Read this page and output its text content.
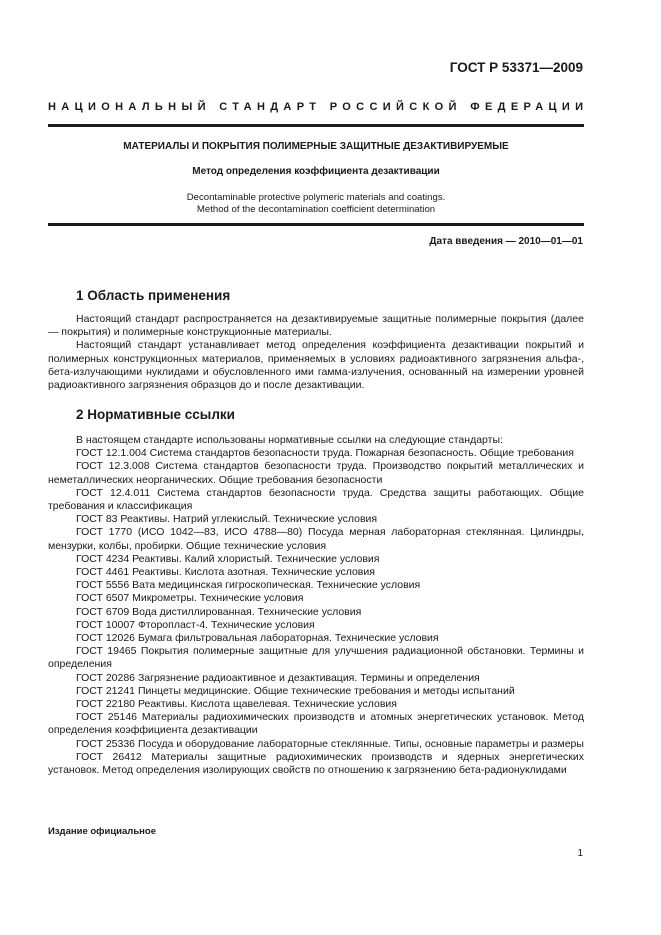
ГОСТ Р 53371—2009
НАЦИОНАЛЬНЫЙ СТАНДАРТ РОССИЙСКОЙ ФЕДЕРАЦИИ
МАТЕРИАЛЫ И ПОКРЫТИЯ ПОЛИМЕРНЫЕ ЗАЩИТНЫЕ ДЕЗАКТИВИРУЕМЫЕ
Метод определения коэффициента дезактивации
Decontaminable protective polymeric materials and coatings.
Method of the decontamination coefficient determination
Дата введения — 2010—01—01
1 Область применения

Настоящий стандарт распространяется на дезактивируемые защитные полимерные покрытия (далее — покрытия) и полимерные конструкционные материалы.

Настоящий стандарт устанавливает метод определения коэффициента дезактивации покрытий и полимерных конструкционных материалов, применяемых в условиях радиоактивного загрязнения альфа-, бета-излучающими нуклидами и обусловленного ими гамма-излучения, основанный на измерении уровней радиоактивного загрязнения образцов до и после дезактивации.

2 Нормативные ссылки

В настоящем стандарте использованы нормативные ссылки на следующие стандарты:

ГОСТ 12.1.004 Система стандартов безопасности труда. Пожарная безопасность. Общие требования

ГОСТ 12.3.008 Система стандартов безопасности труда. Производство покрытий металлических и неметаллических неорганических. Общие требования безопасности

ГОСТ 12.4.011 Система стандартов безопасности труда. Средства защиты работающих. Общие требования и классификация

ГОСТ 83 Реактивы. Натрий углекислый. Технические условия

ГОСТ 1770 (ИСО 1042—83, ИСО 4788—80) Посуда мерная лабораторная стеклянная. Цилиндры, мензурки, колбы, пробирки. Общие технические условия

ГОСТ 4234 Реактивы. Калий хлористый. Технические условия

ГОСТ 4461 Реактивы. Кислота азотная. Технические условия

ГОСТ 5556 Вата медицинская гигроскопическая. Технические условия

ГОСТ 6507 Микрометры. Технические условия

ГОСТ 6709 Вода дистиллированная. Технические условия

ГОСТ 10007 Фторопласт-4. Технические условия

ГОСТ 12026 Бумага фильтровальная лабораторная. Технические условия

ГОСТ 19465 Покрытия полимерные защитные для улучшения радиационной обстановки. Термины и определения

ГОСТ 20286 Загрязнение радиоактивное и дезактивация. Термины и определения

ГОСТ 21241 Пинцеты медицинские. Общие технические требования и методы испытаний

ГОСТ 22180 Реактивы. Кислота щавелевая. Технические условия

ГОСТ 25146 Материалы радиохимических производств и атомных энергетических установок. Метод определения коэффициента дезактивации

ГОСТ 25336 Посуда и оборудование лабораторные стеклянные. Типы, основные параметры и размеры

ГОСТ 26412 Материалы защитные радиохимических производств и ядерных энергетических установок. Метод определения изолирующих свойств по отношению к загрязнению бета-радионуклидами

Издание официальное
1
